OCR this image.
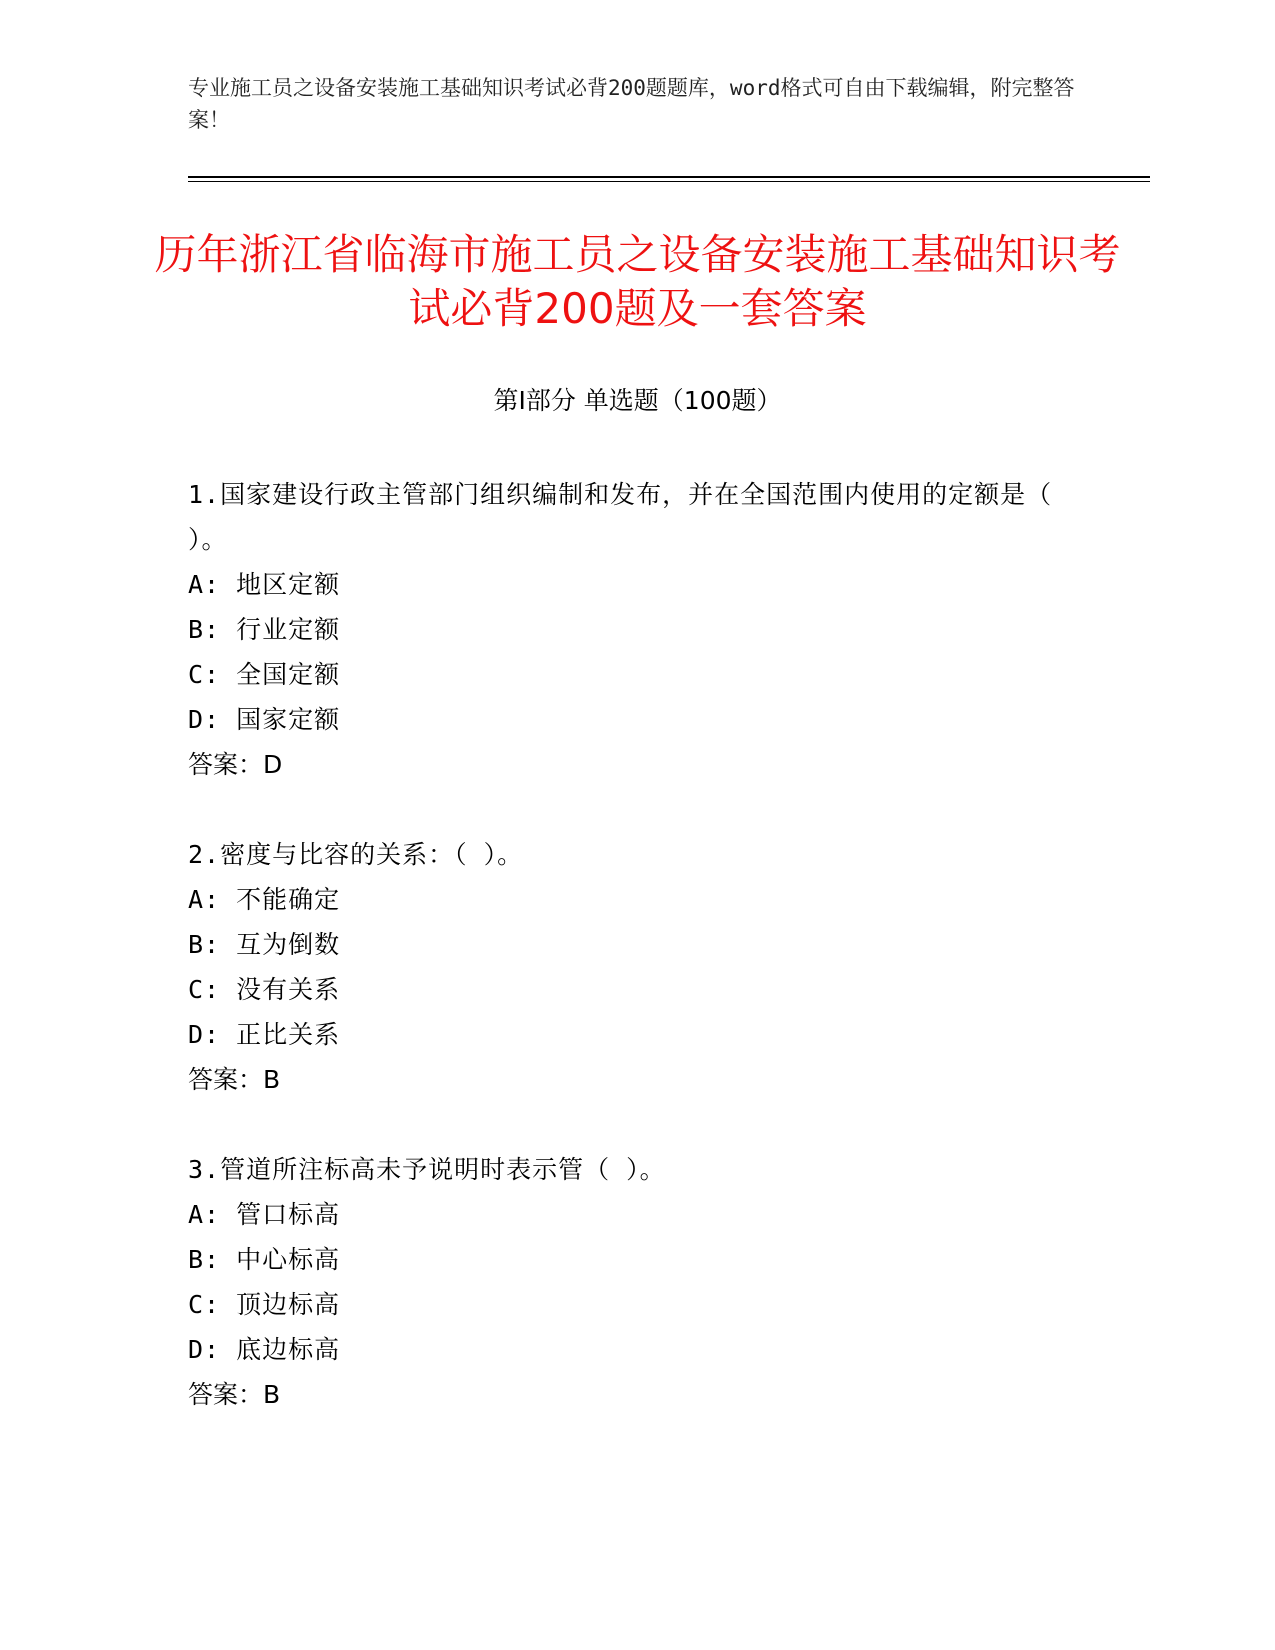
专业施工员之设备安装施工基础知识考试必背200题题库，word格式可自由下载编辑，附完整答案！
历年浙江省临海市施工员之设备安装施工基础知识考试必背200题及一套答案
第Ⅰ部分 单选题（100题）
1.国家建设行政主管部门组织编制和发布，并在全国范围内使用的定额是（ ）。
A: 地区定额
B: 行业定额
C: 全国定额
D: 国家定额
答案：D
2.密度与比容的关系：（ ）。
A: 不能确定
B: 互为倒数
C: 没有关系
D: 正比关系
答案：B
3.管道所注标高未予说明时表示管（ ）。
A: 管口标高
B: 中心标高
C: 顶边标高
D: 底边标高
答案：B
